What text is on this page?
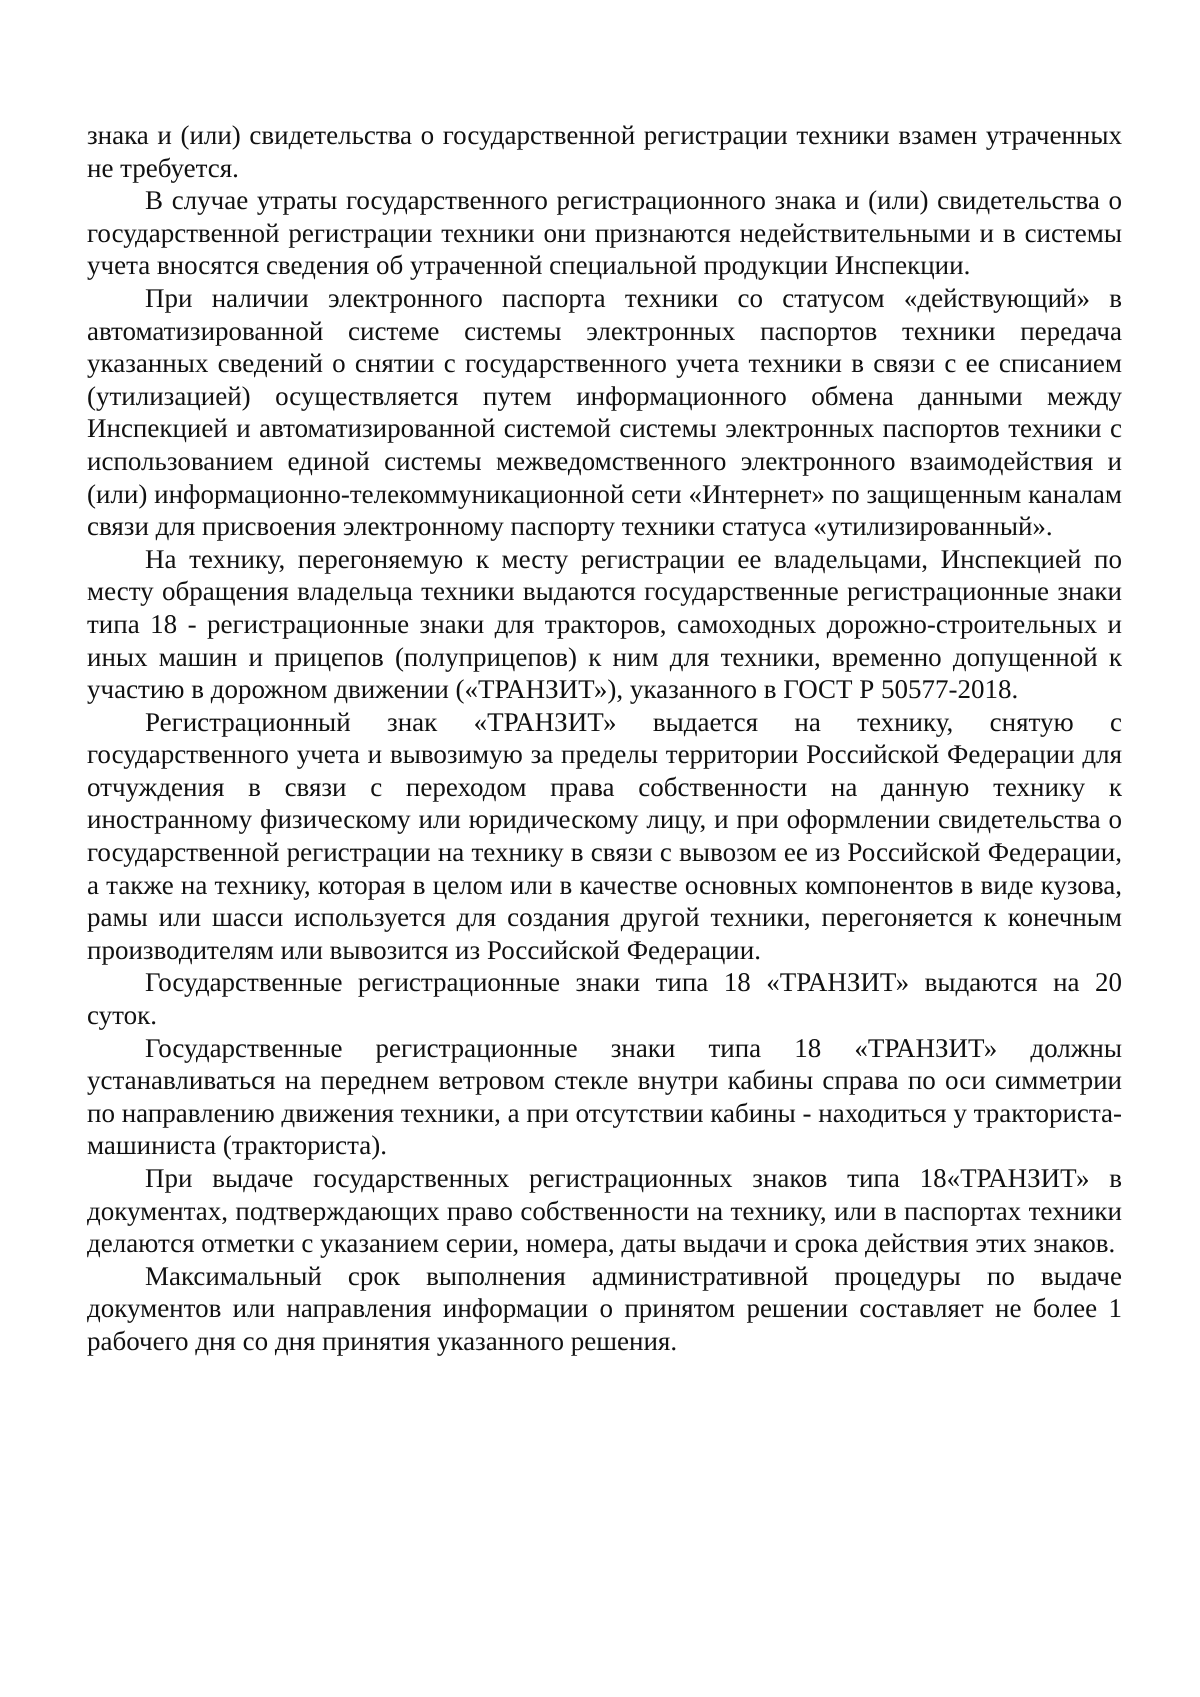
знака и (или) свидетельства о государственной регистрации техники взамен утраченных не требуется.

В случае утраты государственного регистрационного знака и (или) свидетельства о государственной регистрации техники они признаются недействительными и в системы учета вносятся сведения об утраченной специальной продукции Инспекции.

При наличии электронного паспорта техники со статусом «действующий» в автоматизированной системе системы электронных паспортов техники передача указанных сведений о снятии с государственного учета техники в связи с ее списанием (утилизацией) осуществляется путем информационного обмена данными между Инспекцией и автоматизированной системой системы электронных паспортов техники с использованием единой системы межведомственного электронного взаимодействия и (или) информационно-телекоммуникационной сети «Интернет» по защищенным каналам связи для присвоения электронному паспорту техники статуса «утилизированный».

На технику, перегоняемую к месту регистрации ее владельцами, Инспекцией по месту обращения владельца техники выдаются государственные регистрационные знаки типа 18 - регистрационные знаки для тракторов, самоходных дорожно-строительных и иных машин и прицепов (полуприцепов) к ним для техники, временно допущенной к участию в дорожном движении («ТРАНЗИТ»), указанного в ГОСТ Р 50577-2018.

Регистрационный знак «ТРАНЗИТ» выдается на технику, снятую с государственного учета и вывозимую за пределы территории Российской Федерации для отчуждения в связи с переходом права собственности на данную технику к иностранному физическому или юридическому лицу, и при оформлении свидетельства о государственной регистрации на технику в связи с вывозом ее из Российской Федерации, а также на технику, которая в целом или в качестве основных компонентов в виде кузова, рамы или шасси используется для создания другой техники, перегоняется к конечным производителям или вывозится из Российской Федерации.

Государственные регистрационные знаки типа 18 «ТРАНЗИТ» выдаются на 20 суток.

Государственные регистрационные знаки типа 18 «ТРАНЗИТ» должны устанавливаться на переднем ветровом стекле внутри кабины справа по оси симметрии по направлению движения техники, а при отсутствии кабины - находиться у тракториста-машиниста (тракториста).

При выдаче государственных регистрационных знаков типа 18«ТРАНЗИТ» в документах, подтверждающих право собственности на технику, или в паспортах техники делаются отметки с указанием серии, номера, даты выдачи и срока действия этих знаков.

Максимальный срок выполнения административной процедуры по выдаче документов или направления информации о принятом решении составляет не более 1 рабочего дня со дня принятия указанного решения.
